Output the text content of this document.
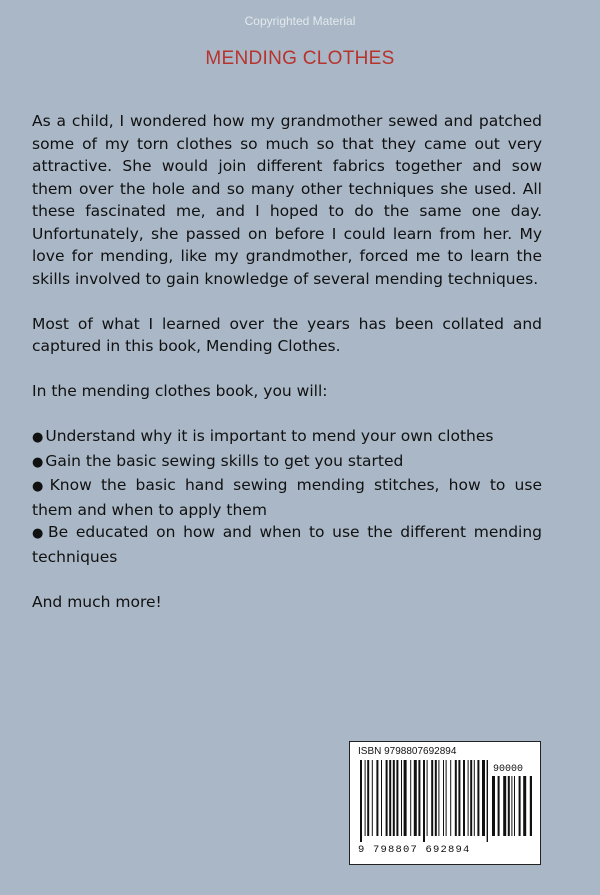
Copyrighted Material
MENDING CLOTHES

As a child, I wondered how my grandmother sewed and patched some of my torn clothes so much so that they came out very attractive. She would join different fabrics together and sow them over the hole and so many other techniques she used. All these fascinated me, and I hoped to do the same one day. Unfortunately, she passed on before I could learn from her. My love for mending, like my grandmother, forced me to learn the skills involved to gain knowledge of several mending techniques.

Most of what I learned over the years has been collated and captured in this book, Mending Clothes.

In the mending clothes book, you will:

● Understand why it is important to mend your own clothes
● Gain the basic sewing skills to get you started
● Know the basic hand sewing mending stitches, how to use them and when to apply them
● Be educated on how and when to use the different mending techniques

And much more!

ISBN 9798807692894
90000
9 798807 692894
